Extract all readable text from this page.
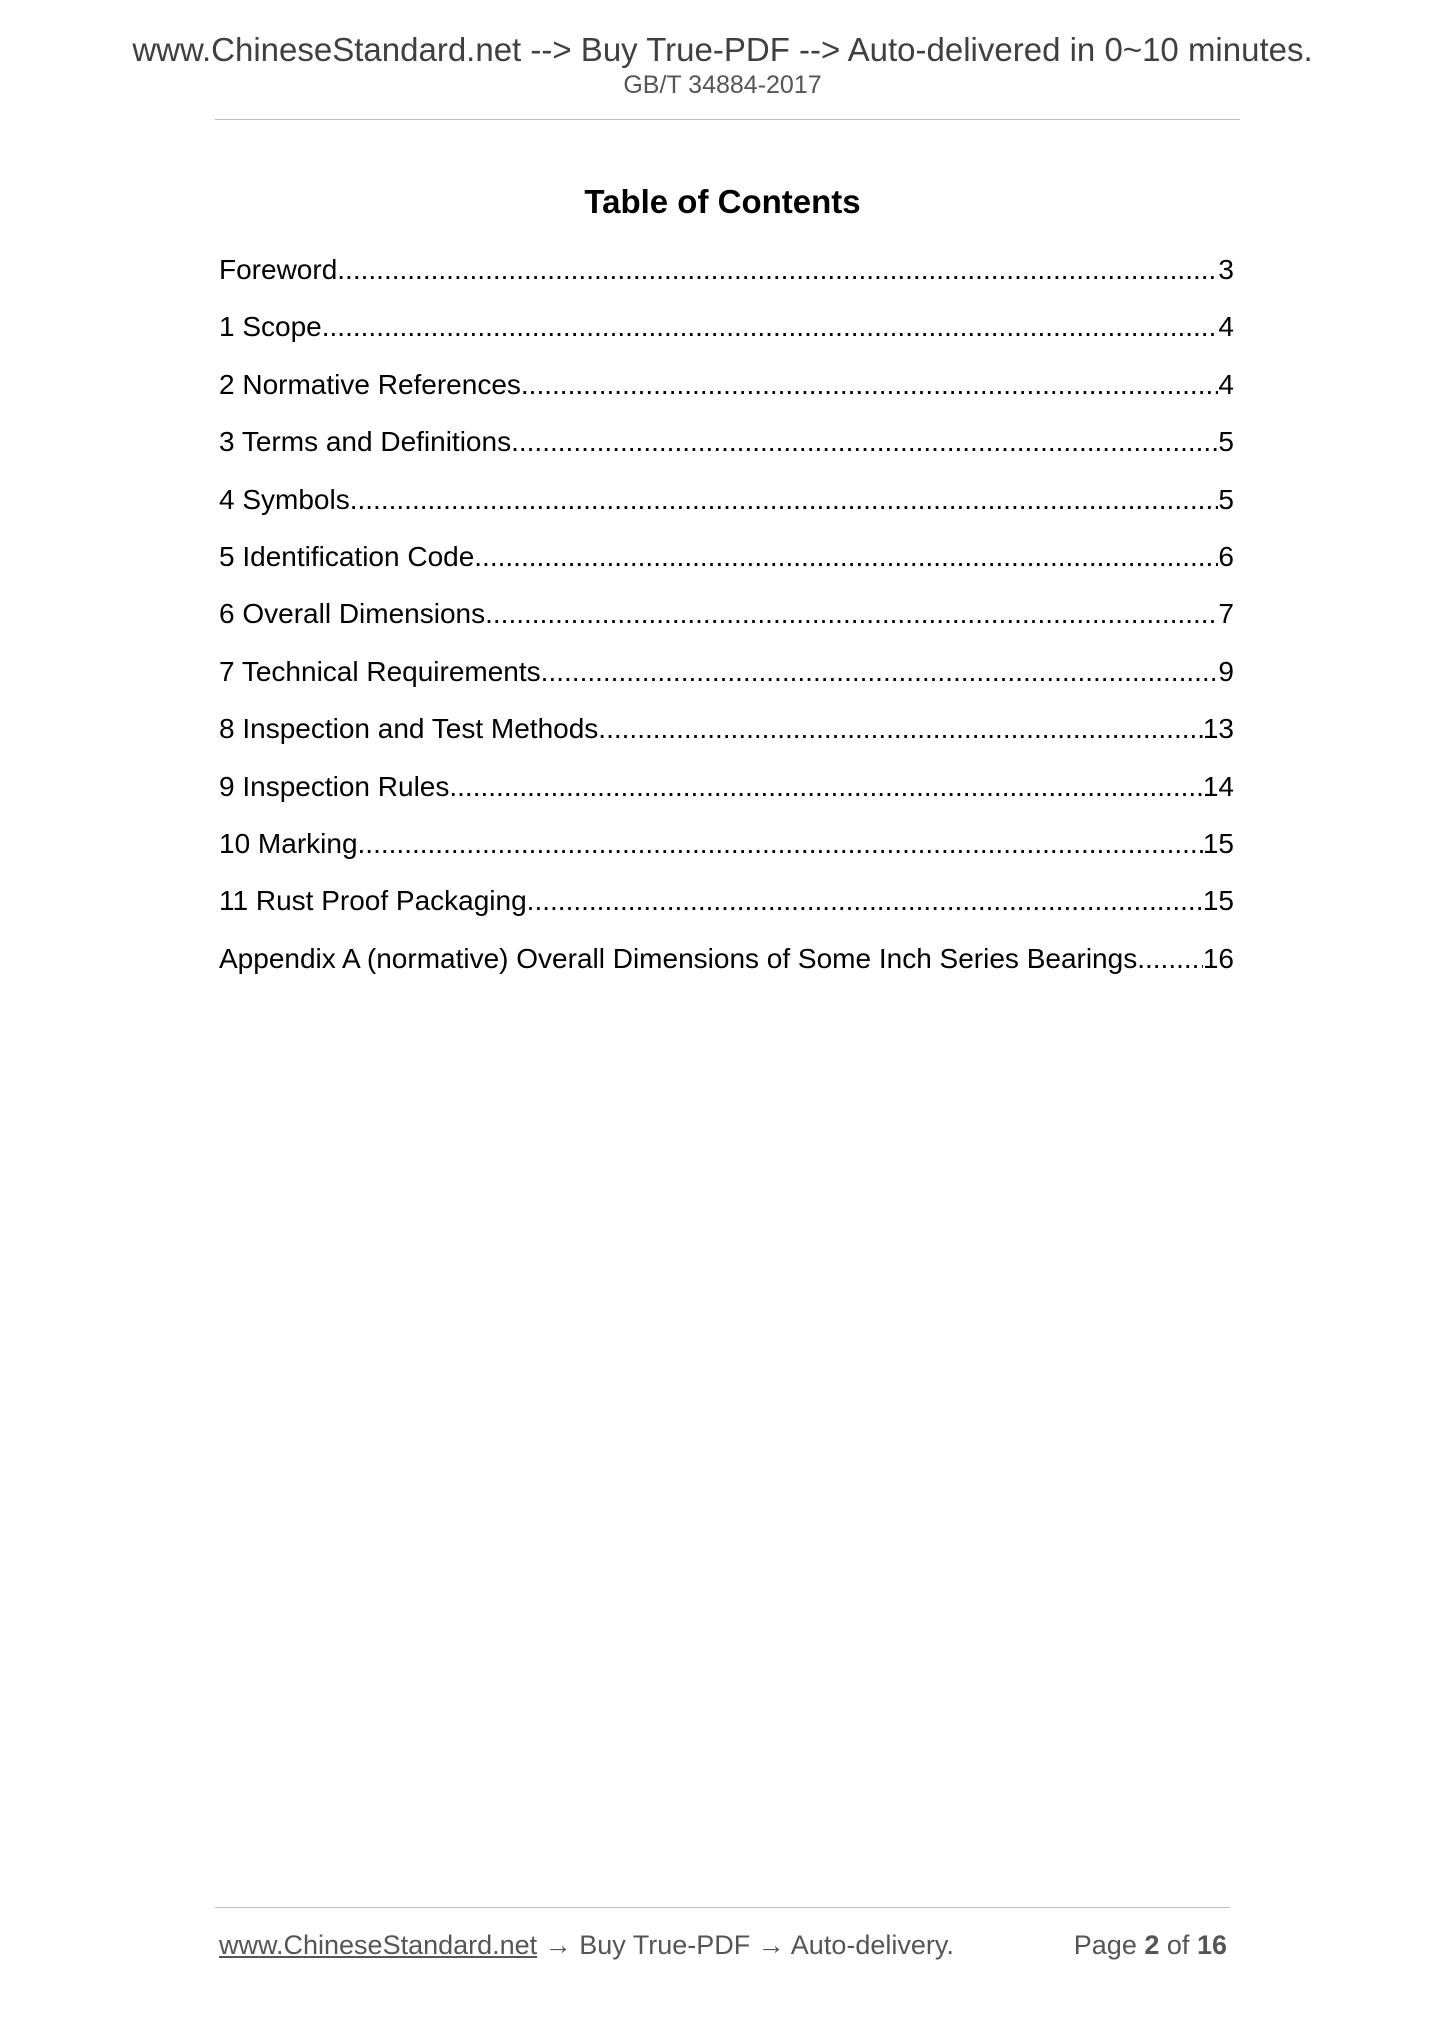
www.ChineseStandard.net --> Buy True-PDF --> Auto-delivered in 0~10 minutes.
GB/T 34884-2017
Table of Contents
Foreword .....	3
1 Scope .....	4
2 Normative References .....	4
3 Terms and Definitions .....	5
4 Symbols .....	5
5 Identification Code .....	6
6 Overall Dimensions .....	7
7 Technical Requirements .....	9
8 Inspection and Test Methods .....	13
9 Inspection Rules .....	14
10 Marking .....	15
11 Rust Proof Packaging .....	15
Appendix A (normative) Overall Dimensions of Some Inch Series Bearings ..... 16
www.ChineseStandard.net → Buy True-PDF → Auto-delivery.	Page 2 of 16
